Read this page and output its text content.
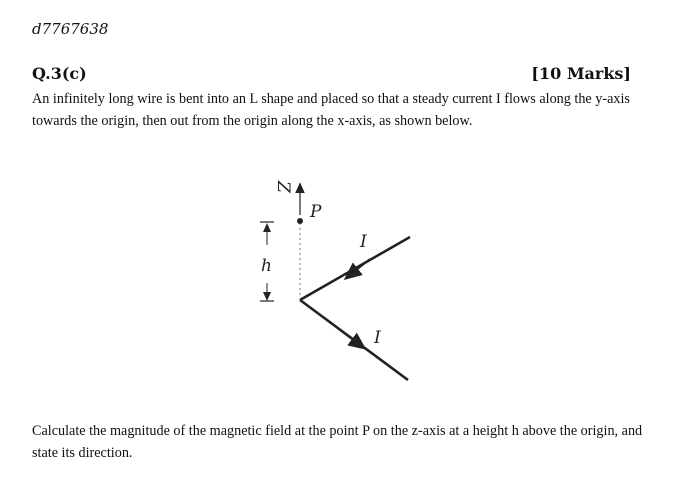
d7767638
Q.3(c)	[10 Marks]
An infinitely long wire is bent into an L shape and placed so that a steady current I flows along the y-axis towards the origin, then out from the origin along the x-axis, as shown below.
Z
P
h
I
I
Calculate the magnitude of the magnetic field at the point P on the z-axis at a height h above the origin, and state its direction.
